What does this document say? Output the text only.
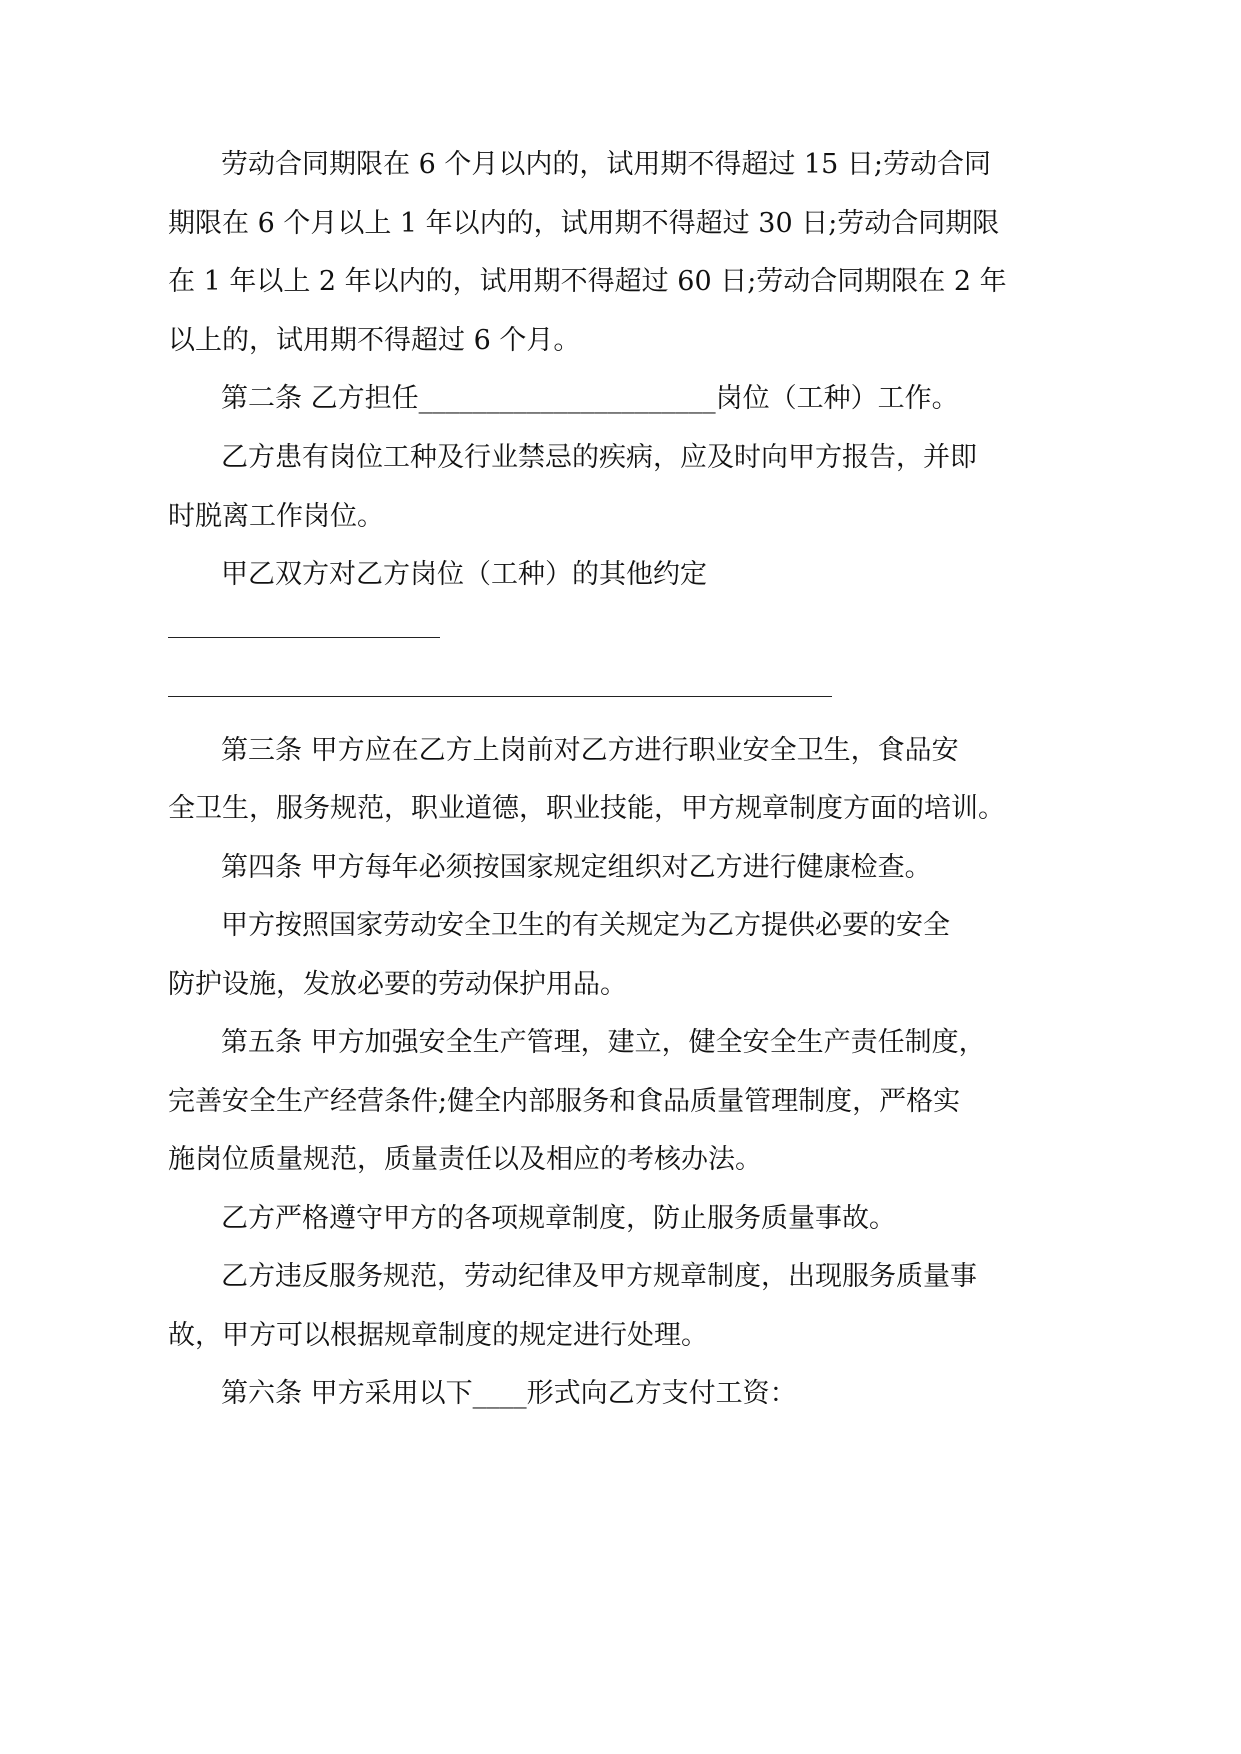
劳动合同期限在 6 个月以内的，试用期不得超过 15 日;劳动合同
期限在 6 个月以上 1 年以内的，试用期不得超过 30 日;劳动合同期限
在 1 年以上 2 年以内的，试用期不得超过 60 日;劳动合同期限在 2 年
以上的，试用期不得超过 6 个月。
第二条 乙方担任______________________岗位（工种）工作。
乙方患有岗位工种及行业禁忌的疾病，应及时向甲方报告，并即
时脱离工作岗位。
甲乙双方对乙方岗位（工种）的其他约定
第三条 甲方应在乙方上岗前对乙方进行职业安全卫生，食品安
全卫生，服务规范，职业道德，职业技能，甲方规章制度方面的培训。
第四条 甲方每年必须按国家规定组织对乙方进行健康检查。
甲方按照国家劳动安全卫生的有关规定为乙方提供必要的安全
防护设施，发放必要的劳动保护用品。
第五条 甲方加强安全生产管理，建立，健全安全生产责任制度，
完善安全生产经营条件;健全内部服务和食品质量管理制度，严格实
施岗位质量规范，质量责任以及相应的考核办法。
乙方严格遵守甲方的各项规章制度，防止服务质量事故。
乙方违反服务规范，劳动纪律及甲方规章制度，出现服务质量事
故，甲方可以根据规章制度的规定进行处理。
第六条 甲方采用以下____形式向乙方支付工资：
